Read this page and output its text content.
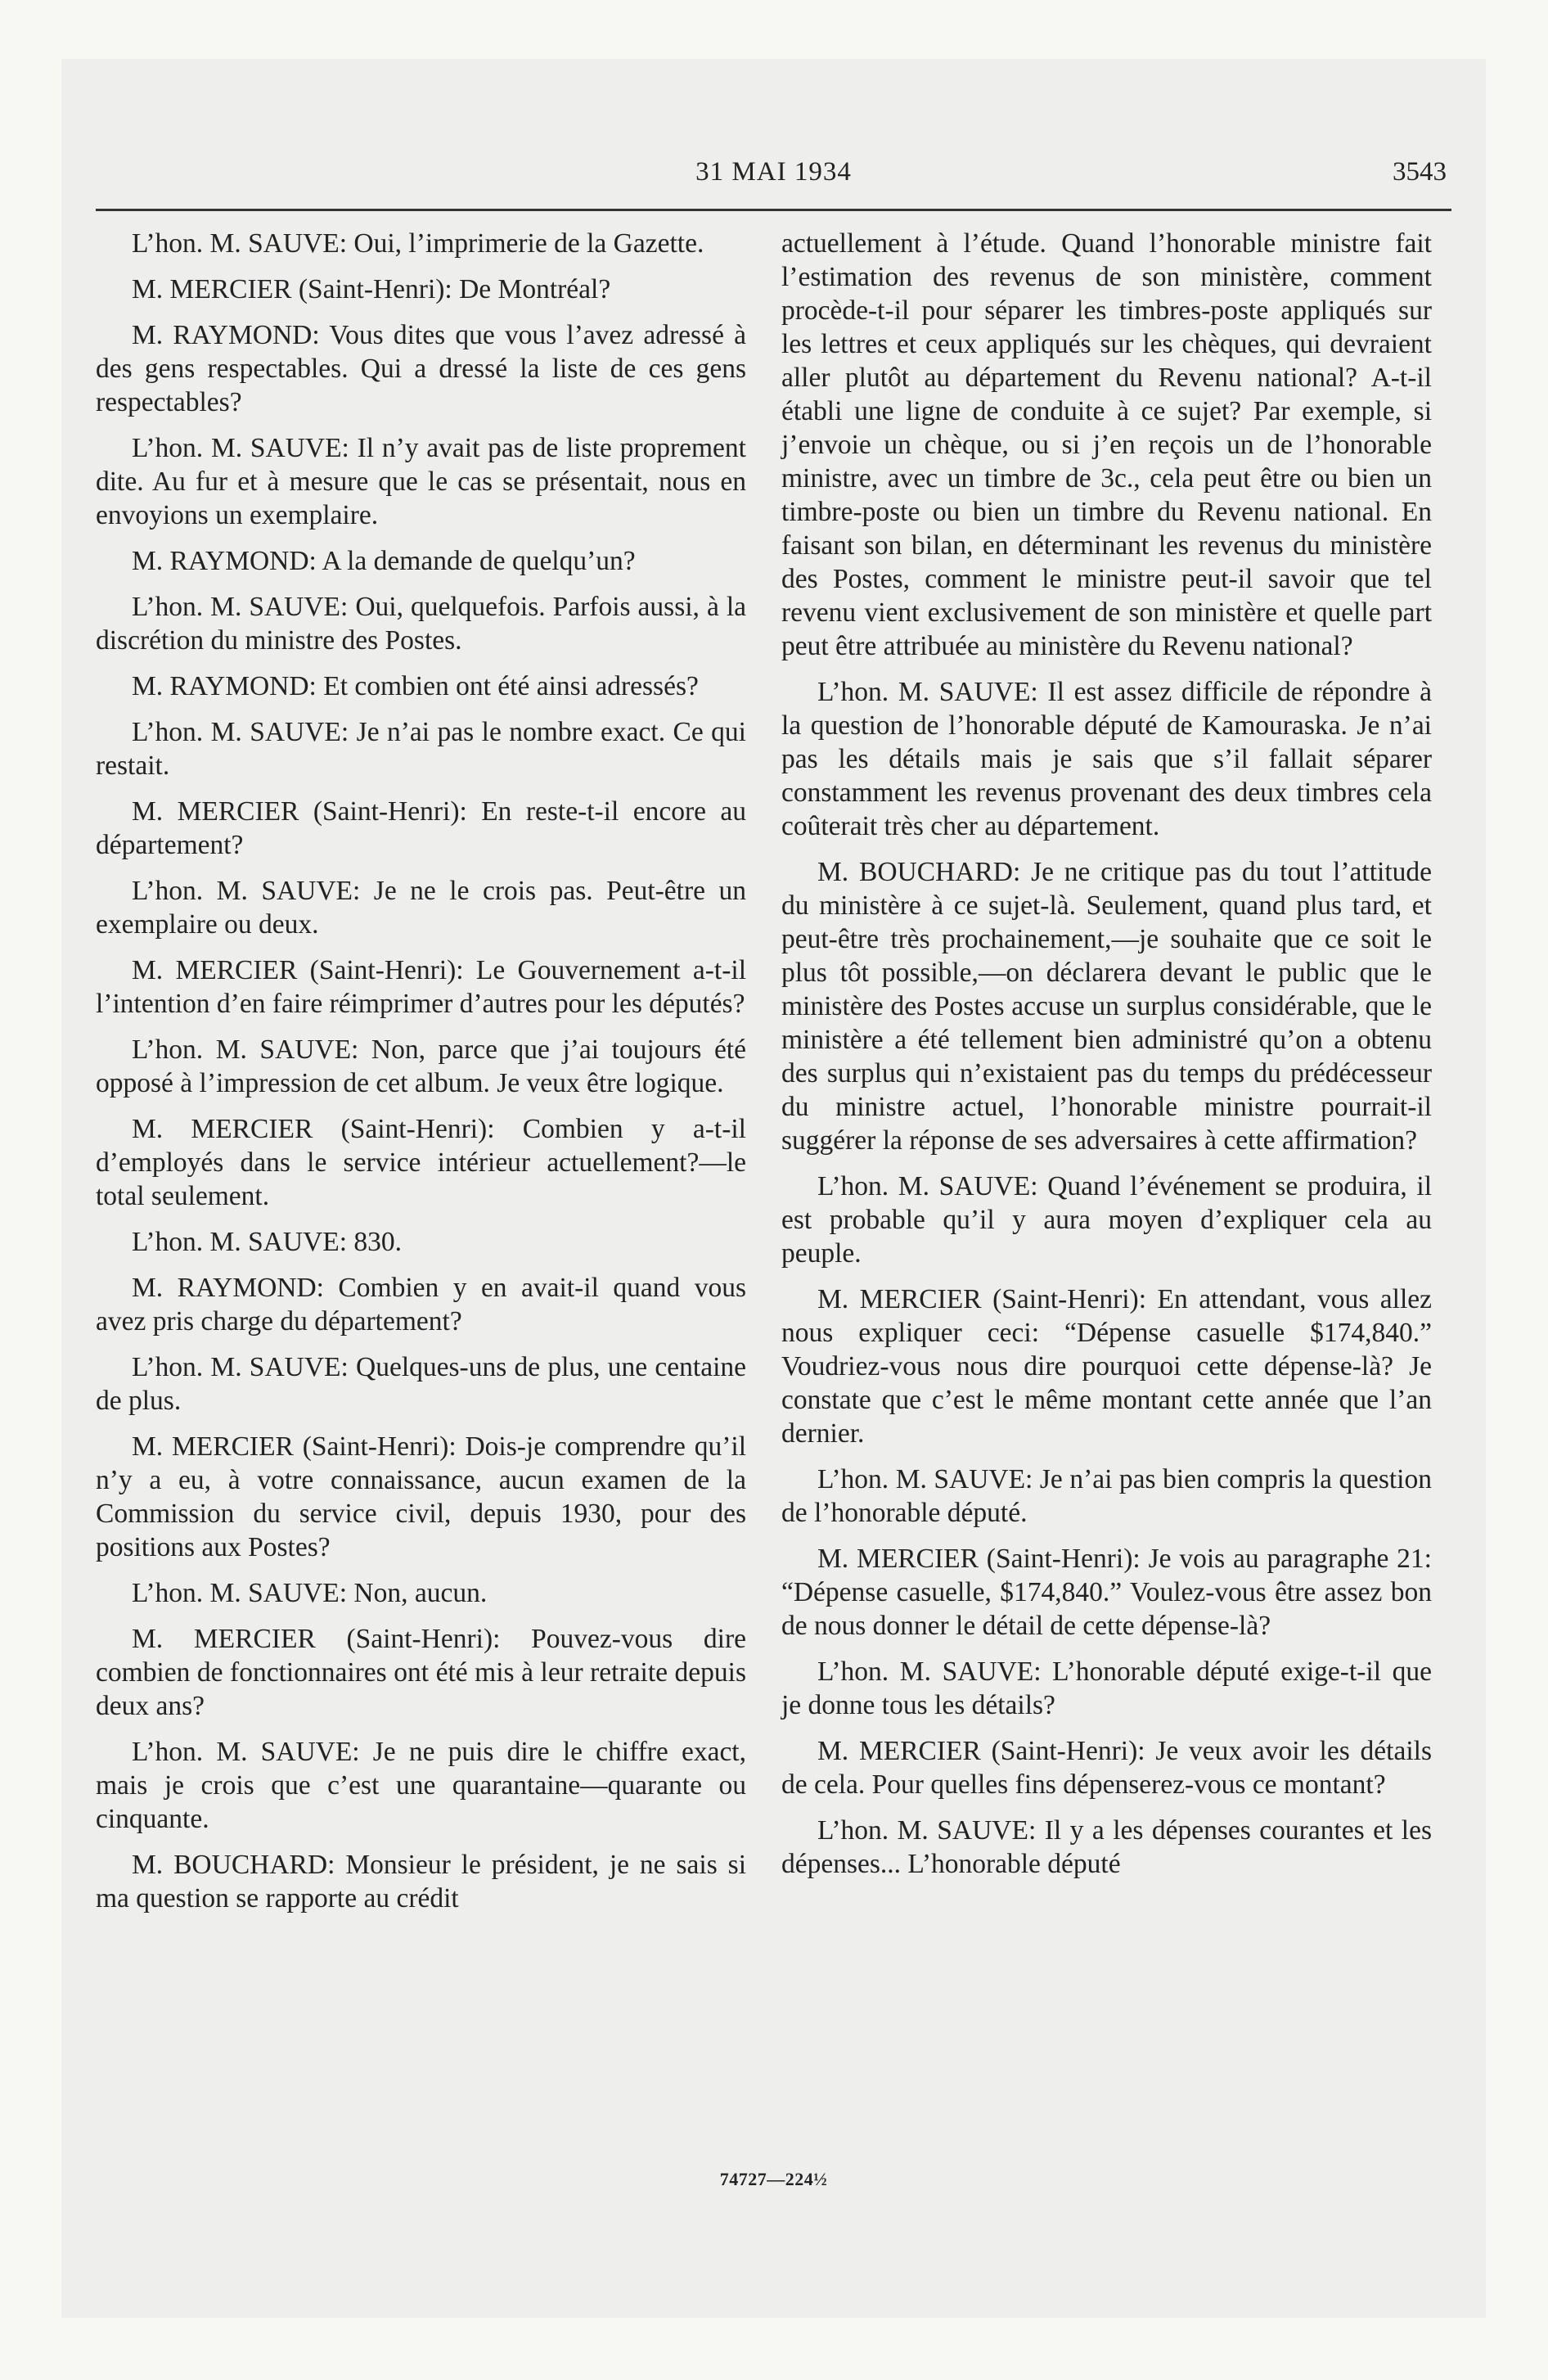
31 MAI 1934	3543

L’hon. M. SAUVE: Oui, l’imprimerie de la Gazette.

M. MERCIER (Saint-Henri): De Montréal?

M. RAYMOND: Vous dites que vous l’avez adressé à des gens respectables. Qui a dressé la liste de ces gens respectables?

L’hon. M. SAUVE: Il n’y avait pas de liste proprement dite. Au fur et à mesure que le cas se présentait, nous en envoyions un exemplaire.

M. RAYMOND: A la demande de quelqu’un?

L’hon. M. SAUVE: Oui, quelquefois. Parfois aussi, à la discrétion du ministre des Postes.

M. RAYMOND: Et combien ont été ainsi adressés?

L’hon. M. SAUVE: Je n’ai pas le nombre exact. Ce qui restait.

M. MERCIER (Saint-Henri): En reste-t-il encore au département?

L’hon. M. SAUVE: Je ne le crois pas. Peut-être un exemplaire ou deux.

M. MERCIER (Saint-Henri): Le Gouvernement a-t-il l’intention d’en faire réimprimer d’autres pour les députés?

L’hon. M. SAUVE: Non, parce que j’ai toujours été opposé à l’impression de cet album. Je veux être logique.

M. MERCIER (Saint-Henri): Combien y a-t-il d’employés dans le service intérieur actuellement?—le total seulement.

L’hon. M. SAUVE: 830.

M. RAYMOND: Combien y en avait-il quand vous avez pris charge du département?

L’hon. M. SAUVE: Quelques-uns de plus, une centaine de plus.

M. MERCIER (Saint-Henri): Dois-je comprendre qu’il n’y a eu, à votre connaissance, aucun examen de la Commission du service civil, depuis 1930, pour des positions aux Postes?

L’hon. M. SAUVE: Non, aucun.

M. MERCIER (Saint-Henri): Pouvez-vous dire combien de fonctionnaires ont été mis à leur retraite depuis deux ans?

L’hon. M. SAUVE: Je ne puis dire le chiffre exact, mais je crois que c’est une quarantaine—quarante ou cinquante.

M. BOUCHARD: Monsieur le président, je ne sais si ma question se rapporte au crédit

actuellement à l’étude. Quand l’honorable ministre fait l’estimation des revenus de son ministère, comment procède-t-il pour séparer les timbres-poste appliqués sur les lettres et ceux appliqués sur les chèques, qui devraient aller plutôt au département du Revenu national? A-t-il établi une ligne de conduite à ce sujet? Par exemple, si j’envoie un chèque, ou si j’en reçois un de l’honorable ministre, avec un timbre de 3c., cela peut être ou bien un timbre-poste ou bien un timbre du Revenu national. En faisant son bilan, en déterminant les revenus du ministère des Postes, comment le ministre peut-il savoir que tel revenu vient exclusivement de son ministère et quelle part peut être attribuée au ministère du Revenu national?

L’hon. M. SAUVE: Il est assez difficile de répondre à la question de l’honorable député de Kamouraska. Je n’ai pas les détails mais je sais que s’il fallait séparer constamment les revenus provenant des deux timbres cela coûterait très cher au département.

M. BOUCHARD: Je ne critique pas du tout l’attitude du ministère à ce sujet-là. Seulement, quand plus tard, et peut-être très prochainement,—je souhaite que ce soit le plus tôt possible,—on déclarera devant le public que le ministère des Postes accuse un surplus considérable, que le ministère a été tellement bien administré qu’on a obtenu des surplus qui n’existaient pas du temps du prédécesseur du ministre actuel, l’honorable ministre pourrait-il suggérer la réponse de ses adversaires à cette affirmation?

L’hon. M. SAUVE: Quand l’événement se produira, il est probable qu’il y aura moyen d’expliquer cela au peuple.

M. MERCIER (Saint-Henri): En attendant, vous allez nous expliquer ceci: “Dépense casuelle $174,840.” Voudriez-vous nous dire pourquoi cette dépense-là? Je constate que c’est le même montant cette année que l’an dernier.

L’hon. M. SAUVE: Je n’ai pas bien compris la question de l’honorable député.

M. MERCIER (Saint-Henri): Je vois au paragraphe 21: “Dépense casuelle, $174,840.” Voulez-vous être assez bon de nous donner le détail de cette dépense-là?

L’hon. M. SAUVE: L’honorable député exige-t-il que je donne tous les détails?

M. MERCIER (Saint-Henri): Je veux avoir les détails de cela. Pour quelles fins dépenserez-vous ce montant?

L’hon. M. SAUVE: Il y a les dépenses courantes et les dépenses... L’honorable député

74727—224½
